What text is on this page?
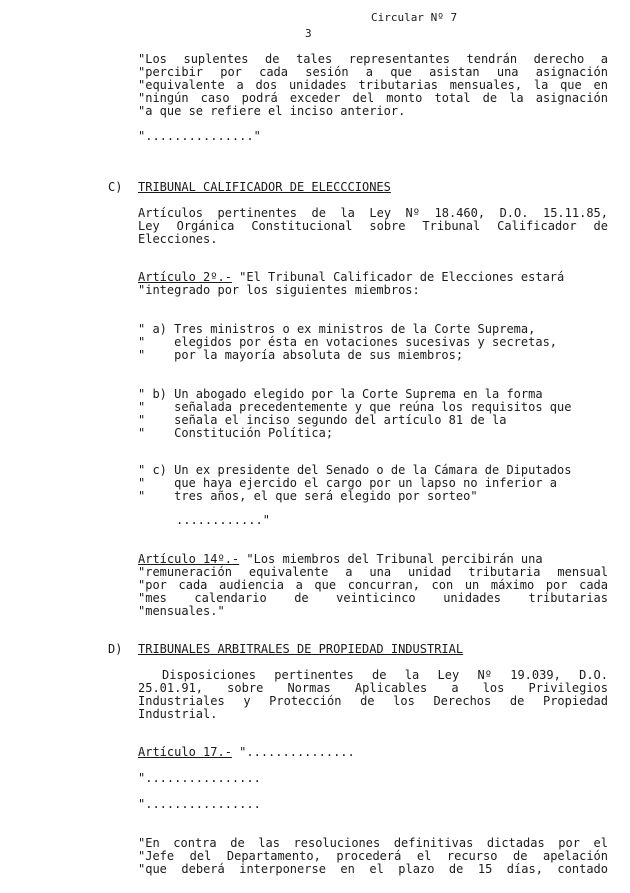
Circular Nº 7
3
"Los suplentes de tales representantes tendrán derecho a
"percibir por cada sesión a que asistan una asignación
"equivalente a dos unidades tributarias mensuales, la que en
"ningún caso podrá exceder del monto total de la asignación
"a que se refiere el inciso anterior.
"..............."
C) TRIBUNAL CALIFICADOR DE ELECCCIONES
Artículos pertinentes de la Ley Nº 18.460, D.O. 15.11.85,
Ley Orgánica Constitucional sobre Tribunal Calificador de
Elecciones.
Artículo 2º.- "El Tribunal Calificador de Elecciones estará
"integrado por los siguientes miembros:
" a) Tres ministros o ex ministros de la Corte Suprema,
"    elegidos por ésta en votaciones sucesivas y secretas,
"    por la mayoría absoluta de sus miembros;
" b) Un abogado elegido por la Corte Suprema en la forma
"    señalada precedentemente y que reúna los requisitos que
"    señala el inciso segundo del artículo 81 de la
"    Constitución Política;
" c) Un ex presidente del Senado o de la Cámara de Diputados
"    que haya ejercido el cargo por un lapso no inferior a
"    tres años, el que será elegido por sorteo"
............"
Artículo 14º.- "Los miembros del Tribunal percibirán una
"remuneración equivalente a una unidad tributaria mensual
"por cada audiencia a que concurran, con un máximo por cada
"mes calendario de veinticinco unidades tributarias
"mensuales."
D) TRIBUNALES ARBITRALES DE PROPIEDAD INDUSTRIAL
Disposiciones pertinentes de la Ley Nº 19.039, D.O.
25.01.91, sobre Normas Aplicables a los Privilegios
Industriales y Protección de los Derechos de Propiedad
Industrial.
Artículo 17.- "...............
"................
"................
"En contra de las resoluciones definitivas dictadas por el
"Jefe del Departamento, procederá el recurso de apelación
"que deberá interponerse en el plazo de 15 días, contado
